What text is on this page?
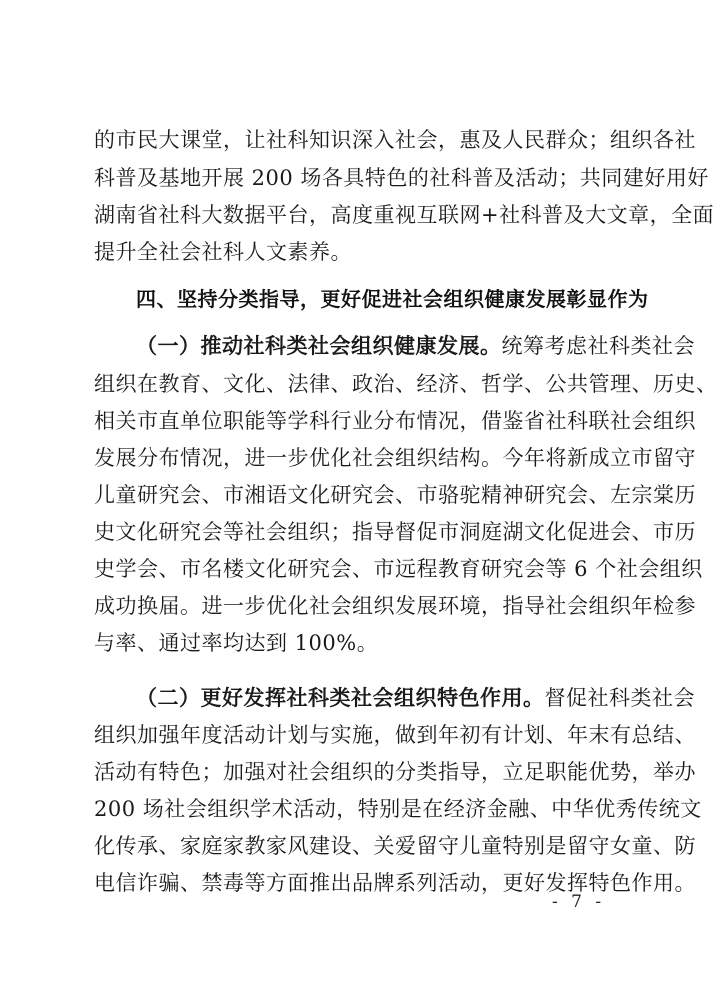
的市民大课堂，让社科知识深入社会，惠及人民群众；组织各社
科普及基地开展 200 场各具特色的社科普及活动；共同建好用好
湖南省社科大数据平台，高度重视互联网+社科普及大文章，全面
提升全社会社科人文素养。
四、坚持分类指导，更好促进社会组织健康发展彰显作为
（一）推动社科类社会组织健康发展。统筹考虑社科类社会
组织在教育、文化、法律、政治、经济、哲学、公共管理、历史、
相关市直单位职能等学科行业分布情况，借鉴省社科联社会组织
发展分布情况，进一步优化社会组织结构。今年将新成立市留守
儿童研究会、市湘语文化研究会、市骆驼精神研究会、左宗棠历
史文化研究会等社会组织；指导督促市洞庭湖文化促进会、市历
史学会、市名楼文化研究会、市远程教育研究会等 6 个社会组织
成功换届。进一步优化社会组织发展环境，指导社会组织年检参
与率、通过率均达到 100%。
（二）更好发挥社科类社会组织特色作用。督促社科类社会
组织加强年度活动计划与实施，做到年初有计划、年末有总结、
活动有特色；加强对社会组织的分类指导，立足职能优势，举办
200 场社会组织学术活动，特别是在经济金融、中华优秀传统文
化传承、家庭家教家风建设、关爱留守儿童特别是留守女童、防
电信诈骗、禁毒等方面推出品牌系列活动，更好发挥特色作用。
- 7 -
